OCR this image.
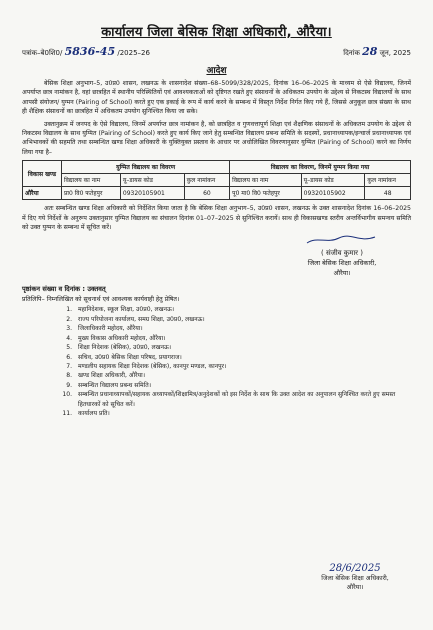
कार्यालय जिला बेसिक शिक्षा अधिकारी, औरैया।
पत्रांक–बे0शि0/ 5836-45 /2025–26	दिनांक 28 जून, 2025
आदेश

बेसिक शिक्षा अनुभाग–5, उ0प्र0 शासन, लखनऊ के शासनादेश संख्या–68–5099/328/2025, दिनांक 16–06–2025 के माध्यम से ऐसे विद्यालय, जिनमें अपर्याप्त छात्र नामांकन है, वहां छात्रहित में स्थानीय परिस्थितियों एवं आवश्यकताओं को दृष्टिगत रखते हुए संसाधनों के अधिकतम उपयोग के उद्देश्य से निकटस्थ विद्यालयों के साथ आपसी संयोजन/ युग्मन (Pairing of School) करते हुए एक इकाई के रूप में कार्य करने के सम्बन्ध में विस्तृत निर्देश निर्गत किए गये हैं, जिससे अनुकूल छात्र संख्या के साथ ही शैक्षिक संसाधनों का छात्रहित में अधिकतम उपयोग सुनिश्चित किया जा सके।

उक्तानुक्रम में जनपद के ऐसे विद्यालय, जिनमें अपर्याप्त छात्र नामांकन है, को छात्रहित व गुणवत्तापूर्ण शिक्षा एवं शैक्षणिक संसाधनों के अधिकतम उपयोग के उद्देश्य से निकटस्थ विद्यालय के साथ युग्मित (Pairing of School) करते हुए कार्य किए जाने हेतु सम्बन्धित विद्यालय प्रबन्ध समिति के सदस्यों, प्रधानाध्यापक/इन्चार्ज प्रधानाध्यापक एवं अभिभावकों की सहमति तथा सम्बन्धित खण्ड शिक्षा अधिकारी के युक्तियुक्त प्रस्ताव के आधार पर अधोलिखित विवरणानुसार युग्मित (Pairing of School) करने का निर्णय लिया गया है–

विकास खण्ड	युग्मित विद्यालय का विवरण			विद्यालय का विवरण, जिनमें युग्मन किया गया		
	विद्यालय का नाम	यू–डायस कोड	कुल नामांकन	विद्यालय का नाम	यू–डायस कोड	कुल नामांकन
औरैया	प्रा0 वि0 फतेहपुर	09320105901	60	पू0 मा0 वि0 फतेहपुर	09320105902	48

अतः सम्बन्धित खण्ड शिक्षा अधिकारी को निर्देशित किया जाता है कि बेसिक शिक्षा अनुभाग–5, उ0प्र0 शासन, लखनऊ के उक्त शासनादेश दिनांक 16–06–2025 में दिए गये निर्देशों के अनुरूप उक्तानुसार युग्मित विद्यालय का संचालन दिनांक 01–07–2025 से सुनिश्चित करायें। साथ ही विकासखण्ड स्तरीय अन्तर्विभागीय समन्वय समिति को उक्त युग्मन के सम्बन्ध में सूचित करें।

( संजीव कुमार )
जिला बेसिक शिक्षा अधिकारी,
औरैया।
पृष्ठांकन संख्या व दिनांक : उक्तवत्
प्रतिलिपि– निम्नलिखित को सूचनार्थ एवं आवश्यक कार्यवाही हेतु प्रेषित।
1. महानिदेशक, स्कूल शिक्षा, उ0प्र0, लखनऊ।
2. राज्य परियोजना कार्यालय, समग्र शिक्षा, उ0प्र0, लखनऊ।
3. जिलाधिकारी महोदय, औरैया।
4. मुख्य विकास अधिकारी महोदय, औरैया।
5. शिक्षा निदेशक (बेसिक), उ0प्र0, लखनऊ।
6. सचिव, उ0प्र0 बेसिक शिक्षा परिषद, प्रयागराज।
7. मण्डलीय सहायक शिक्षा निदेशक (बेसिक), कानपुर मण्डल, कानपुर।
8. खण्ड शिक्षा अधिकारी, औरैया।
9. सम्बन्धित विद्यालय प्रबन्ध समिति।
10. सम्बन्धित प्रधानाध्यापकों/सहायक अध्यापकों/शिक्षामित्र/अनुदेशकों को इस निर्देश के साथ कि उक्त आदेश का अनुपालन सुनिश्चित करते हुए समस्त हितधारकों को सूचित करें।
11. कार्यालय प्रति।
28/6/2025
जिला बेसिक शिक्षा अधिकारी,
औरैया।
